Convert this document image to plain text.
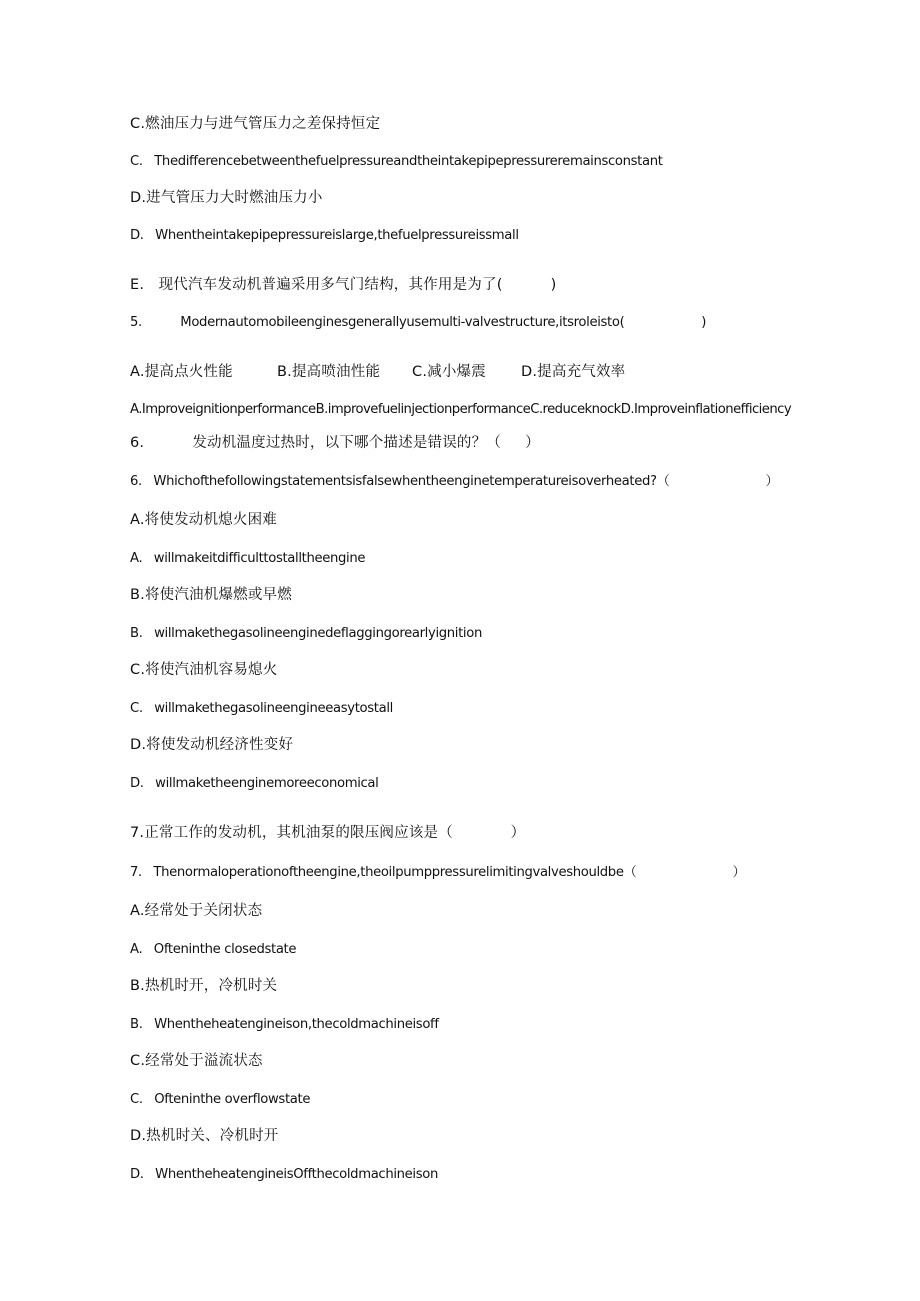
C.燃油压力与进气管压力之差保持恒定
C.   Thedifferencebetweenthefuelpressureandtheintakepipepressureremainsconstant
D.进气管压力大时燃油压力小
D.   Whentheintakepipepressureislarge,thefuelpressureissmall
E.   现代汽车发动机普遍采用多气门结构，其作用是为了(          )
5.          Modernautomobileenginesgenerallyusemulti-valvestructure,itsroleisto(                    )
A.提高点火性能	B.提高喷油性能 C.减小爆震 D.提高充气效率
A.ImproveignitionperformanceB.improvefuelinjectionperformanceC.reduceknockD.Improveinflationefficiency
6.          发动机温度过热时，以下哪个描述是错误的？（     ）
6.   Whichofthefollowingstatementsisfalsewhentheenginetemperatureisoverheated?（                         ）
A.将使发动机熄火困难
A.   willmakeitdifficulttostalltheengine
B.将使汽油机爆燃或早燃
B.   willmakethegasolineenginedeflaggingorearlyignition
C.将使汽油机容易熄火
C.   willmakethegasolineengineeasytostall
D.将使发动机经济性变好
D.   willmaketheenginemoreeconomical
7.正常工作的发动机，其机油泵的限压阀应该是（            ）
7.   Thenormaloperationoftheengine,theoilpumppressurelimitingvalveshouldbe（                         ）
A.经常处于关闭状态
A.   Ofteninthe closedstate
B.热机时开，冷机时关
B.   Whentheheatengineison,thecoldmachineisoff
C.经常处于溢流状态
C.   Ofteninthe overflowstate
D.热机时关、冷机时开
D.   WhentheheatengineisOffthecoldmachineison
